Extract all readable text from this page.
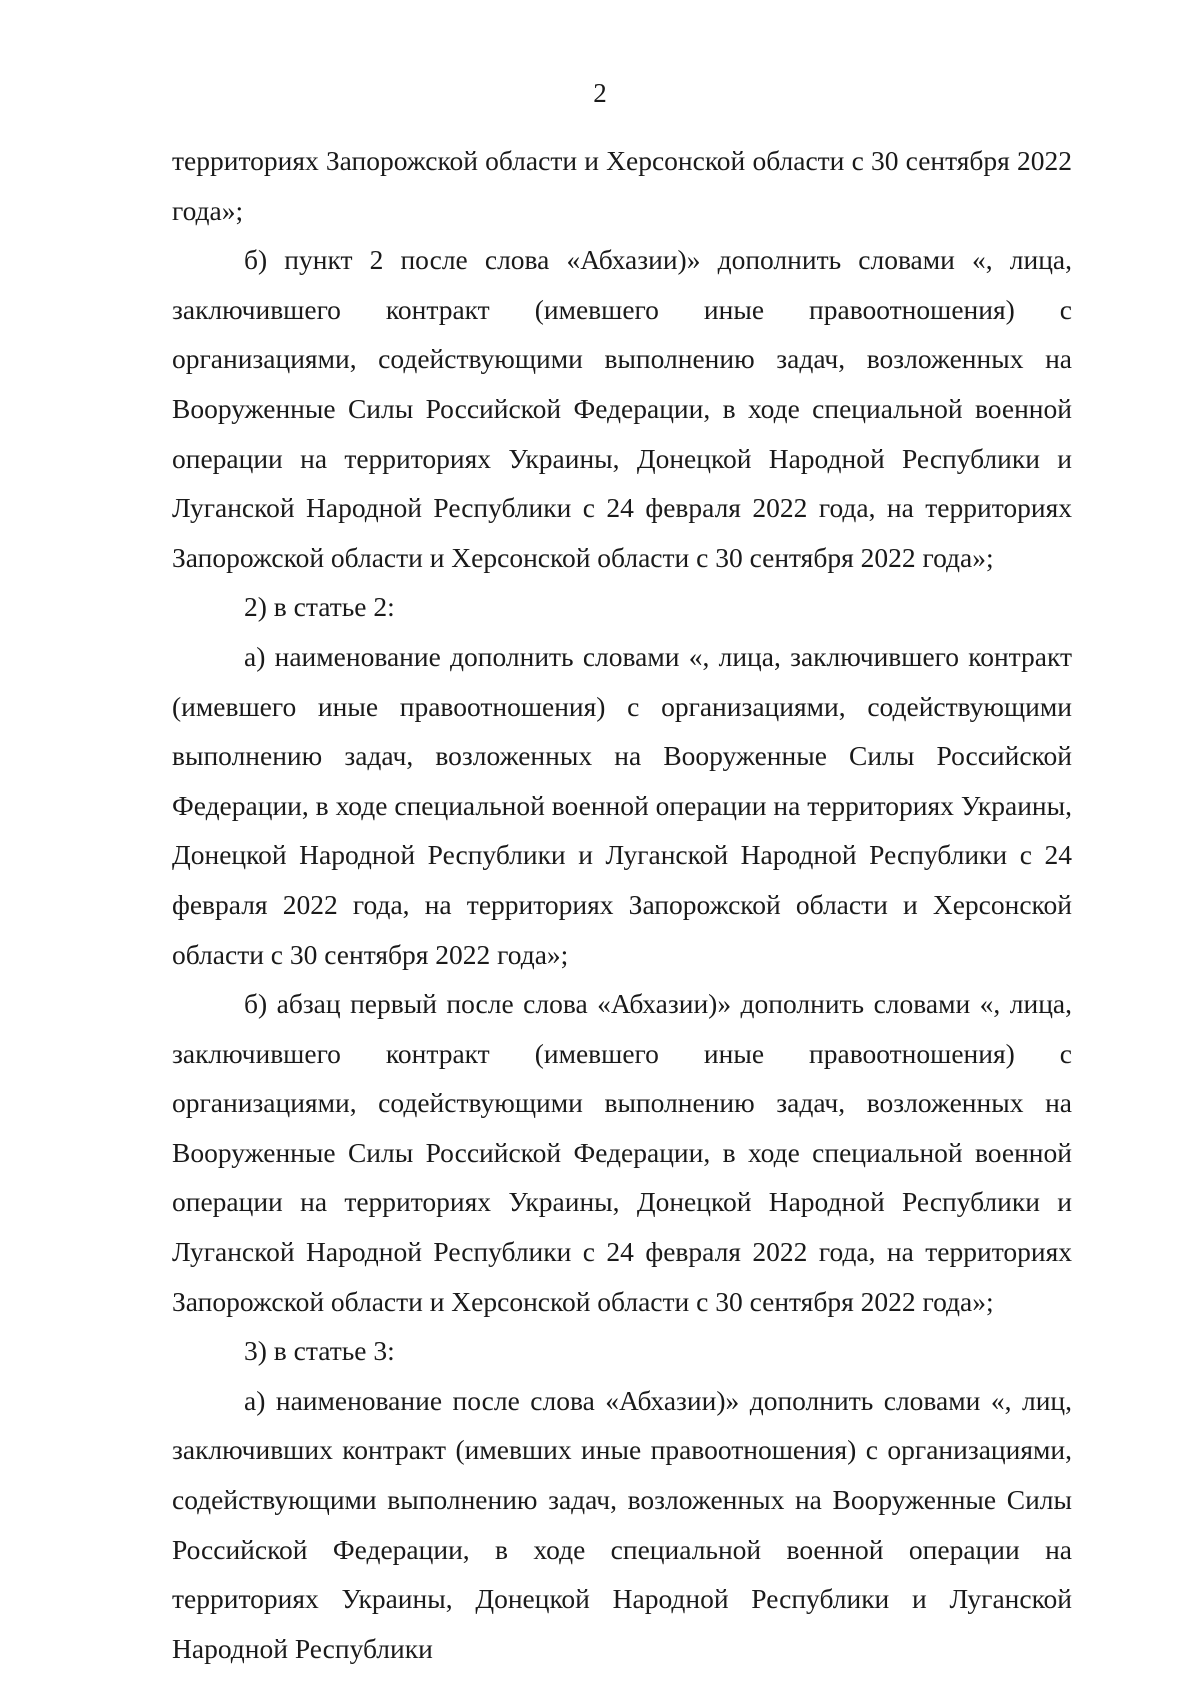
2

территориях Запорожской области и Херсонской области с 30 сентября 2022 года»;

б) пункт 2 после слова «Абхазии)» дополнить словами «, лица, заключившего контракт (имевшего иные правоотношения) с организациями, содействующими выполнению задач, возложенных на Вооруженные Силы Российской Федерации, в ходе специальной военной операции на территориях Украины, Донецкой Народной Республики и Луганской Народной Республики с 24 февраля 2022 года, на территориях Запорожской области и Херсонской области с 30 сентября 2022 года»;

2) в статье 2:

а) наименование дополнить словами «, лица, заключившего контракт (имевшего иные правоотношения) с организациями, содействующими выполнению задач, возложенных на Вооруженные Силы Российской Федерации, в ходе специальной военной операции на территориях Украины, Донецкой Народной Республики и Луганской Народной Республики с 24 февраля 2022 года, на территориях Запорожской области и Херсонской области с 30 сентября 2022 года»;

б) абзац первый после слова «Абхазии)» дополнить словами «, лица, заключившего контракт (имевшего иные правоотношения) с организациями, содействующими выполнению задач, возложенных на Вооруженные Силы Российской Федерации, в ходе специальной военной операции на территориях Украины, Донецкой Народной Республики и Луганской Народной Республики с 24 февраля 2022 года, на территориях Запорожской области и Херсонской области с 30 сентября 2022 года»;

3) в статье 3:

а) наименование после слова «Абхазии)» дополнить словами «, лиц, заключивших контракт (имевших иные правоотношения) с организациями, содействующими выполнению задач, возложенных на Вооруженные Силы Российской Федерации, в ходе специальной военной операции на территориях Украины, Донецкой Народной Республики и Луганской Народной Республики
